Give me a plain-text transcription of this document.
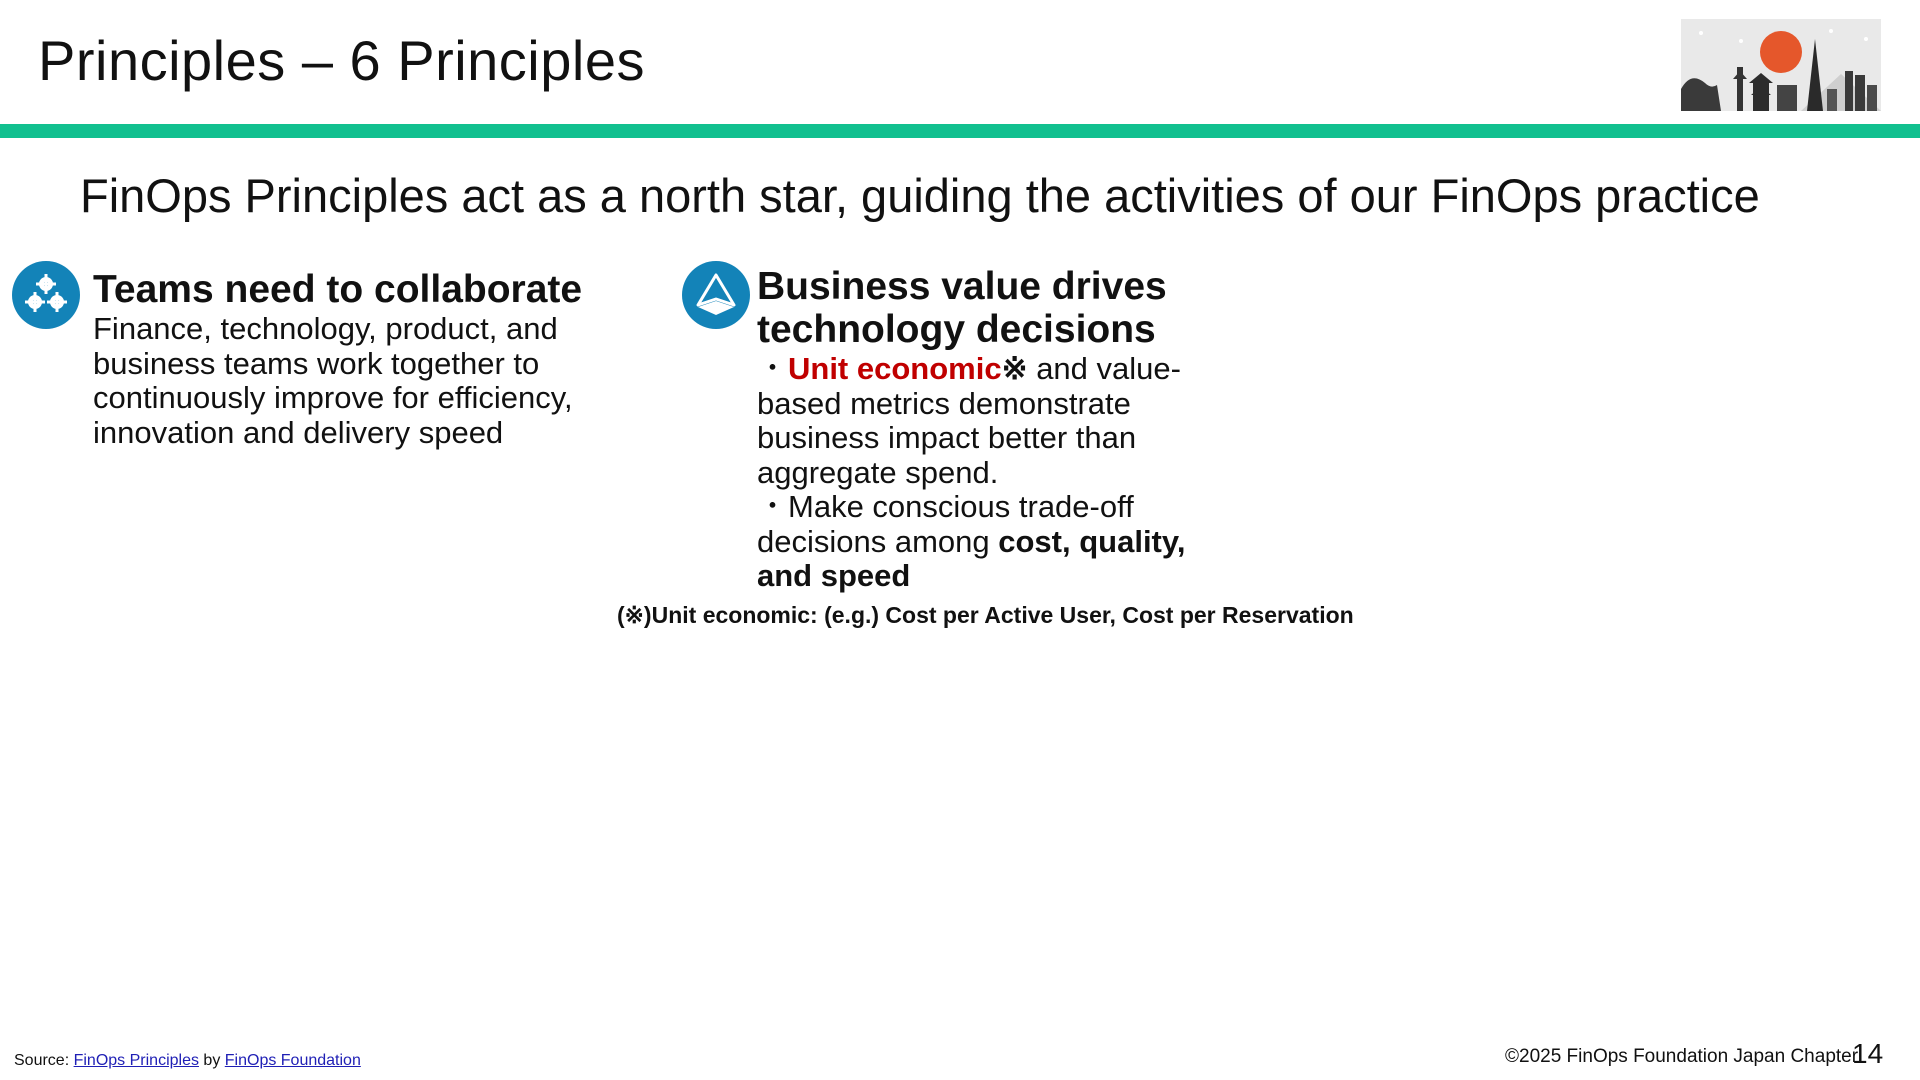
Principles – 6 Principles
FinOps Principles act as a north star, guiding the activities of our FinOps practice
Teams need to collaborate
Finance, technology, product, and
business teams work together to
continuously improve for efficiency,
innovation and delivery speed
Business value drives
technology decisions
・Unit economic※ and value-
based metrics demonstrate
business impact better than
aggregate spend.
・Make conscious trade-off
decisions among cost, quality,
and speed
(※)Unit economic: (e.g.) Cost per Active User, Cost per Reservation
Source: FinOps Principles by FinOps Foundation	©2025 FinOps Foundation Japan Chapter
14
